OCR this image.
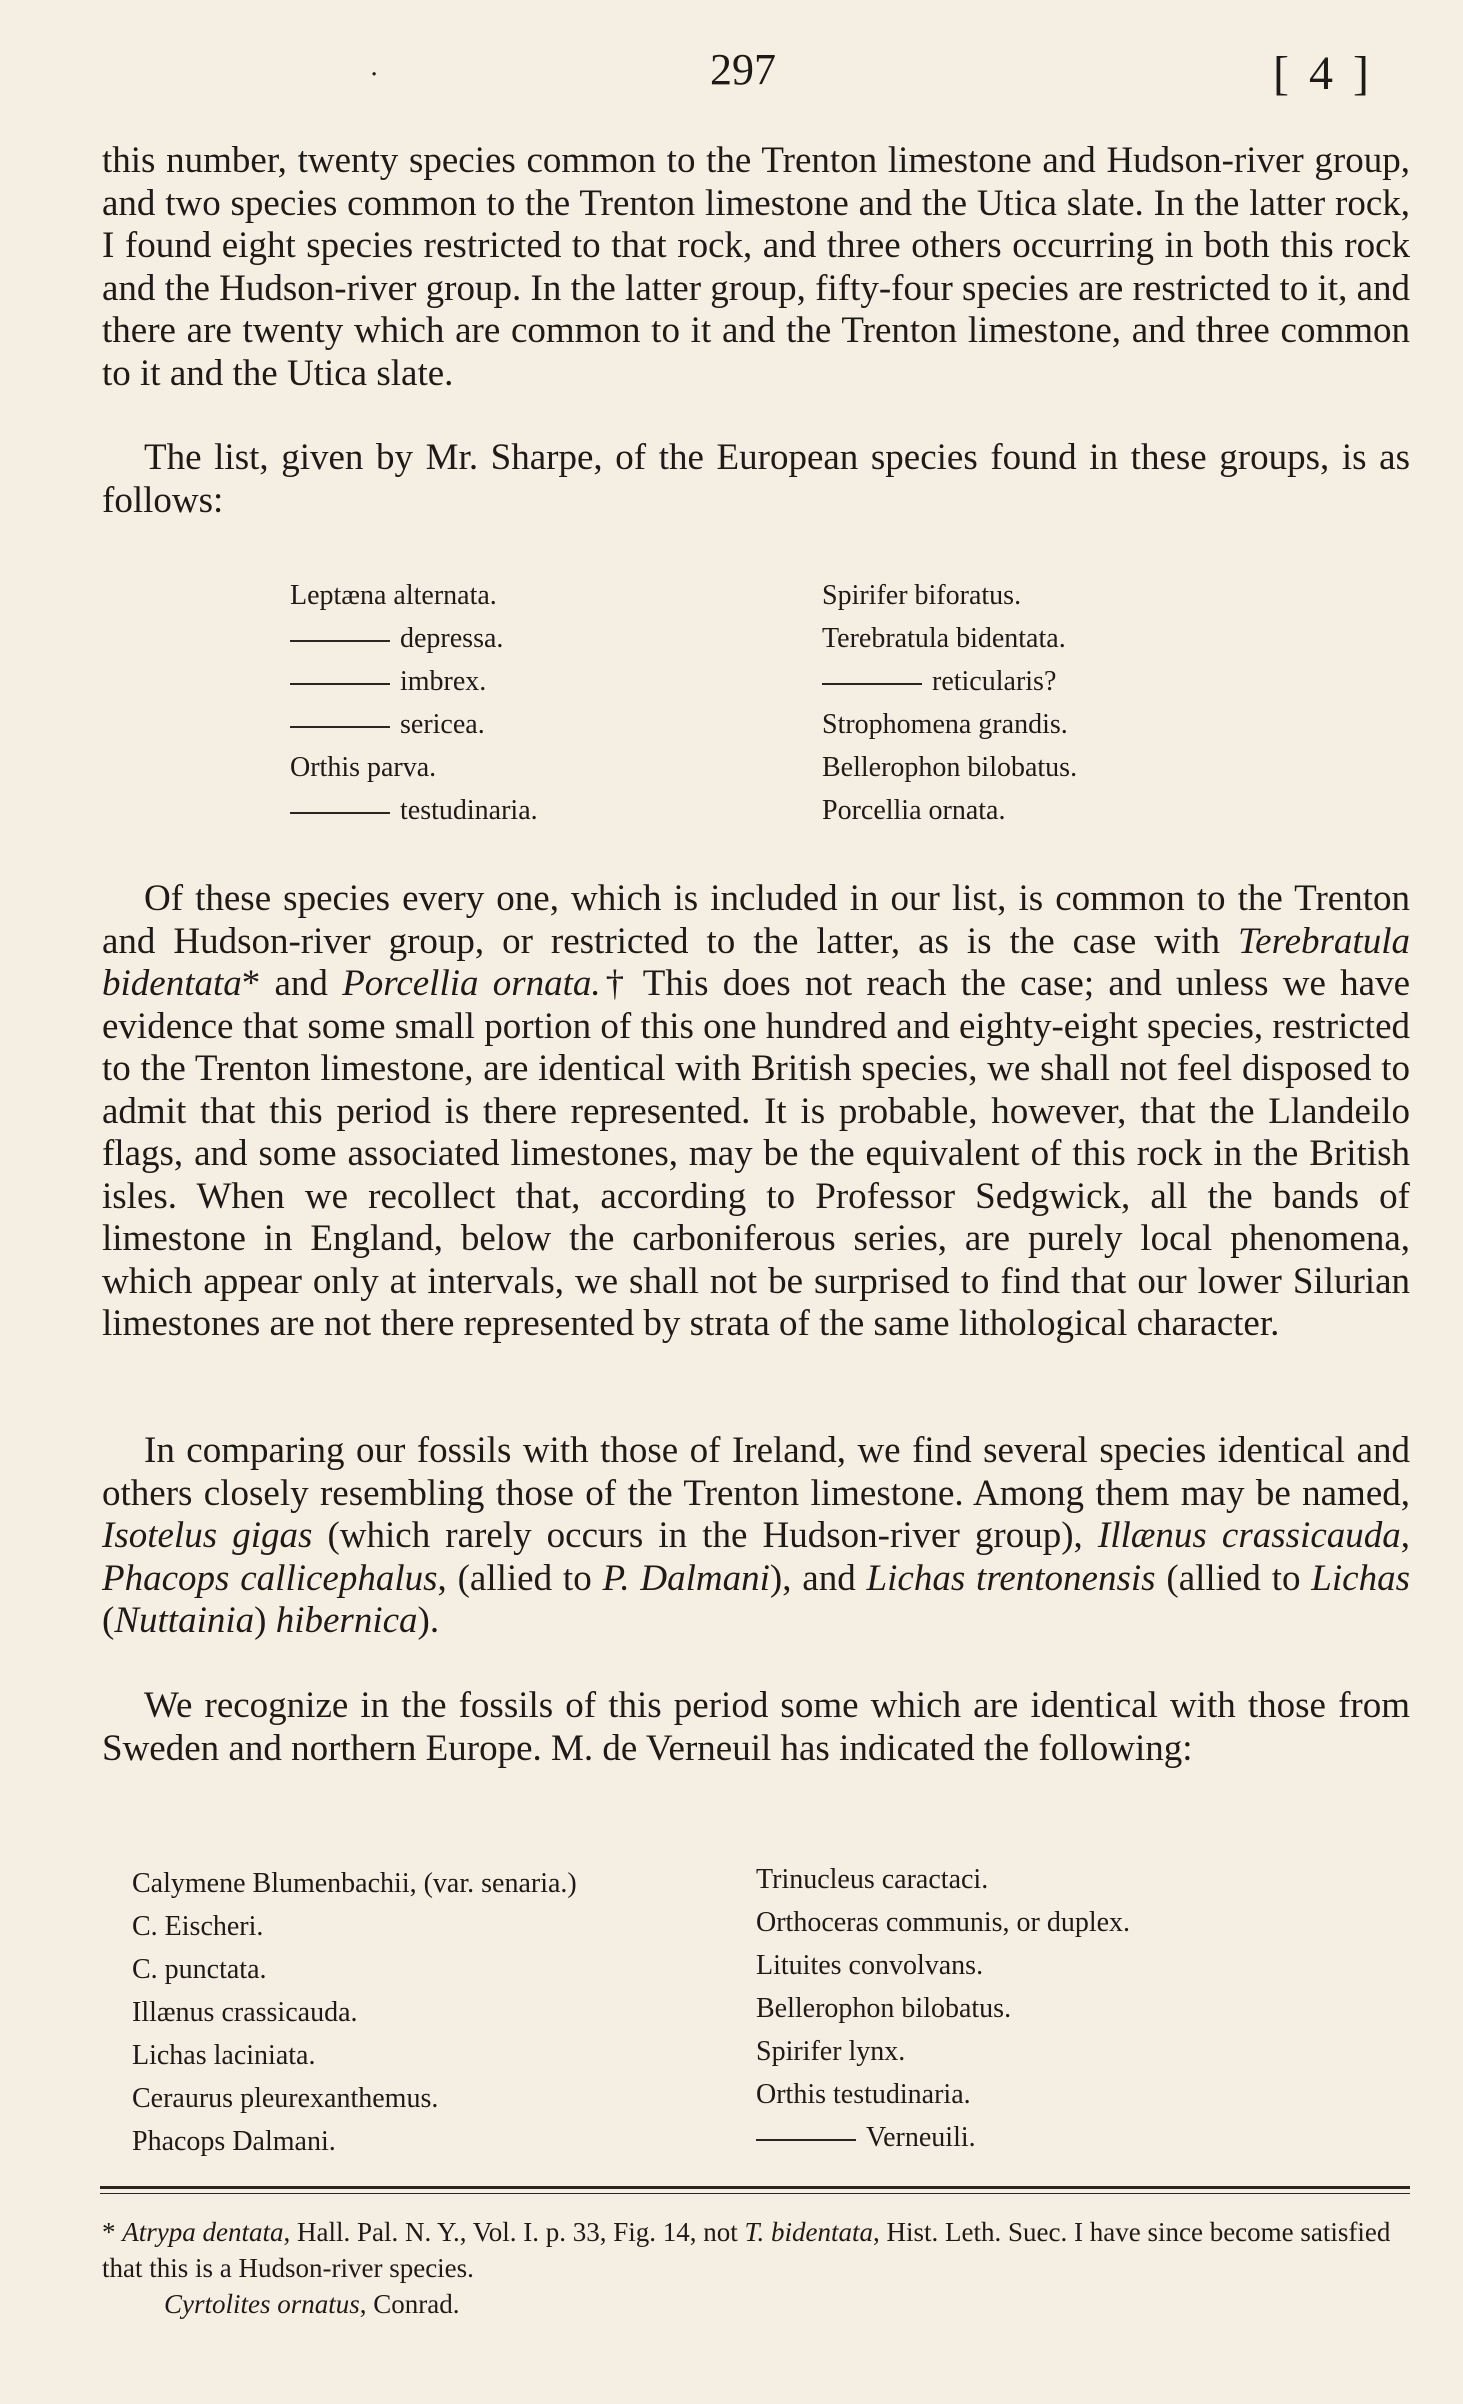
·	297	[ 4 ]

this number, twenty species common to the Trenton limestone and Hudson-river group, and two species common to the Trenton limestone and the Utica slate. In the latter rock, I found eight species restricted to that rock, and three others occurring in both this rock and the Hudson-river group. In the latter group, fifty-four species are restricted to it, and there are twenty which are common to it and the Trenton limestone, and three common to it and the Utica slate.

The list, given by Mr. Sharpe, of the European species found in these groups, is as follows:

Leptæna alternata.
depressa.
imbrex.
sericea.
Orthis parva.
testudinaria.
Spirifer biforatus.
Terebratula bidentata.
reticularis?
Strophomena grandis.
Bellerophon bilobatus.
Porcellia ornata.

Of these species every one, which is included in our list, is common to the Trenton and Hudson-river group, or restricted to the latter, as is the case with Terebratula bidentata* and Porcellia ornata.† This does not reach the case; and unless we have evidence that some small portion of this one hundred and eighty-eight species, restricted to the Trenton limestone, are identical with British species, we shall not feel disposed to admit that this period is there represented. It is probable, however, that the Llandeilo flags, and some associated limestones, may be the equivalent of this rock in the British isles. When we recollect that, according to Professor Sedgwick, all the bands of limestone in England, below the carboniferous series, are purely local phenomena, which appear only at intervals, we shall not be surprised to find that our lower Silurian limestones are not there represented by strata of the same lithological character.

In comparing our fossils with those of Ireland, we find several species identical and others closely resembling those of the Trenton limestone. Among them may be named, Isotelus gigas (which rarely occurs in the Hudson-river group), Illænus crassicauda, Phacops callicephalus, (allied to P. Dalmani), and Lichas trentonensis (allied to Lichas (Nuttainia) hibernica).

We recognize in the fossils of this period some which are identical with those from Sweden and northern Europe. M. de Verneuil has indicated the following:

Calymene Blumenbachii, (var. senaria.)
C. Eischeri.
C. punctata.
Illænus crassicauda.
Lichas laciniata.
Ceraurus pleurexanthemus.
Phacops Dalmani.
Trinucleus caractaci.
Orthoceras communis, or duplex.
Lituites convolvans.
Bellerophon bilobatus.
Spirifer lynx.
Orthis testudinaria.
Verneuili.

* Atrypa dentata, Hall. Pal. N. Y., Vol. I. p. 33, Fig. 14, not T. bidentata, Hist. Leth. Suec. I have since become satisfied that this is a Hudson-river species.

Cyrtolites ornatus, Conrad.
